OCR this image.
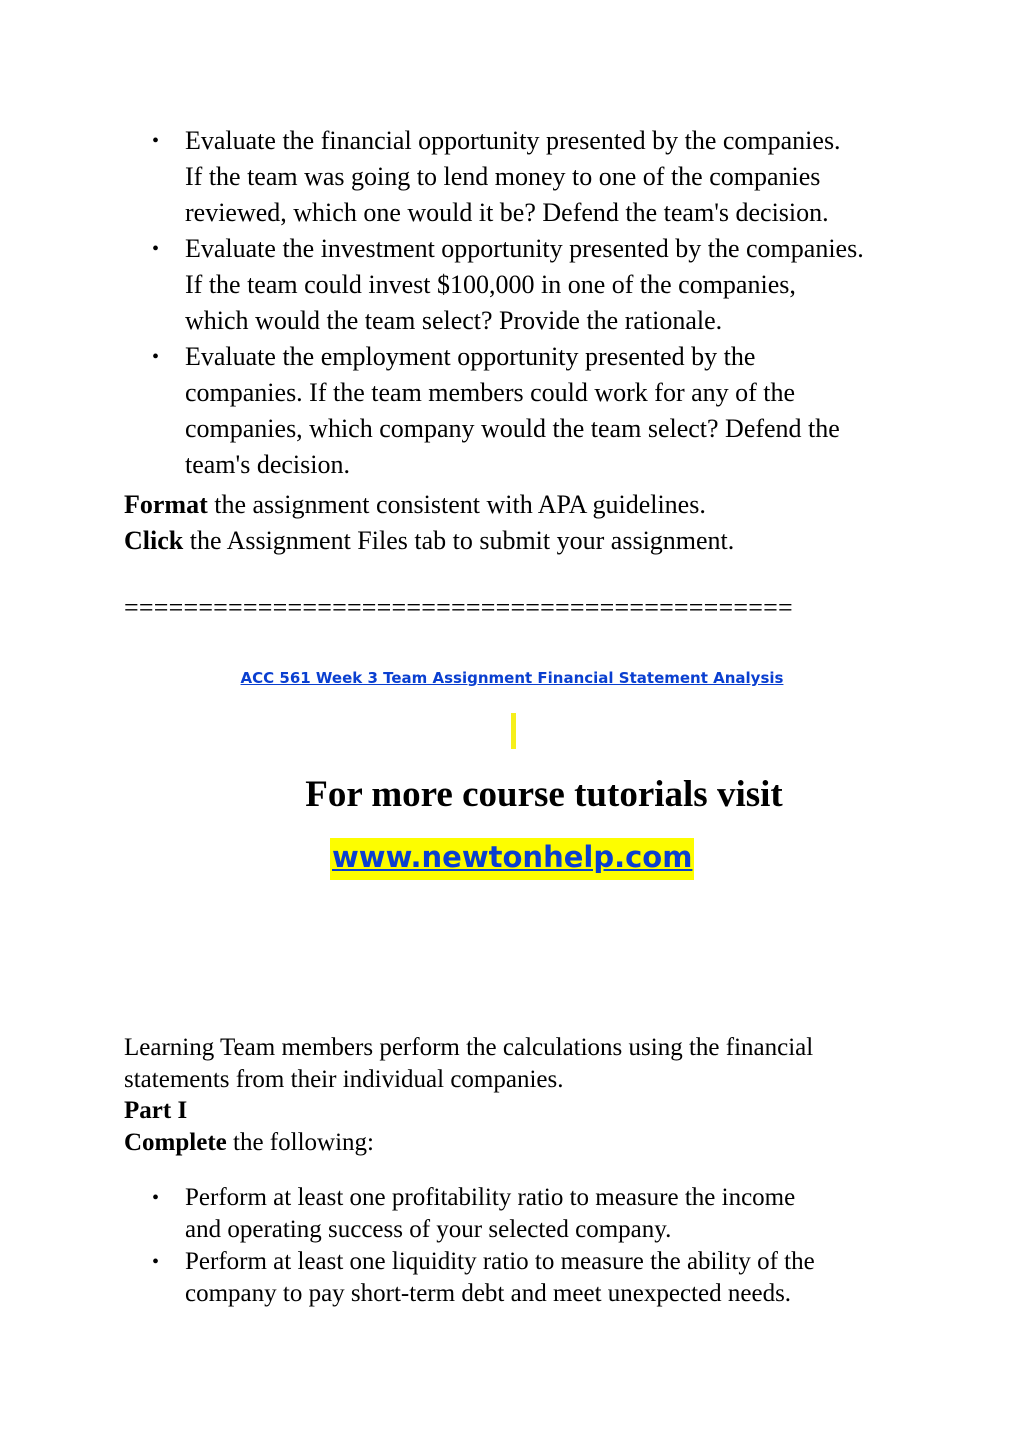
• Evaluate the financial opportunity presented by the companies.
If the team was going to lend money to one of the companies
reviewed, which one would it be? Defend the team's decision.
• Evaluate the investment opportunity presented by the companies.
If the team could invest $100,000 in one of the companies,
which would the team select? Provide the rationale.
• Evaluate the employment opportunity presented by the
companies. If the team members could work for any of the
companies, which company would the team select? Defend the
team's decision.

Format the assignment consistent with APA guidelines.

Click the Assignment Files tab to submit your assignment.

=============================================
ACC 561 Week 3 Team Assignment Financial Statement Analysis
For more course tutorials visit
www.newtonhelp.com

Learning Team members perform the calculations using the financial
statements from their individual companies.

Part I

Complete the following:

• Perform at least one profitability ratio to measure the income
and operating success of your selected company.
• Perform at least one liquidity ratio to measure the ability of the
company to pay short-term debt and meet unexpected needs.
